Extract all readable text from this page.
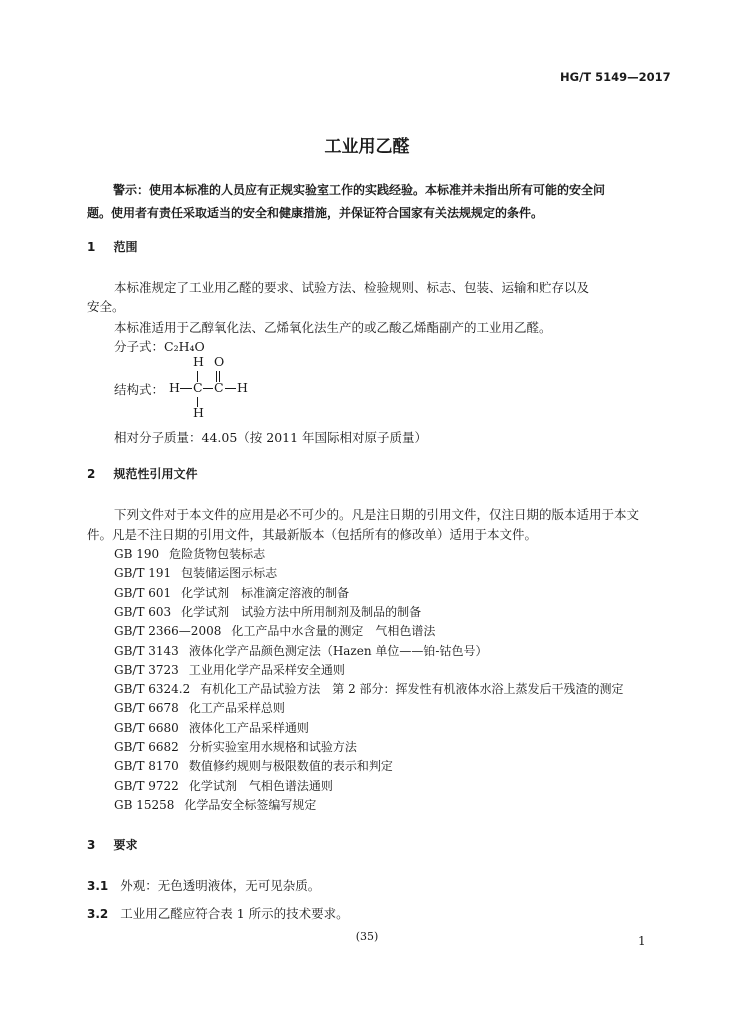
HG/T 5149—2017
工业用乙醛
警示：使用本标准的人员应有正规实验室工作的实践经验。本标准并未指出所有可能的安全问
题。使用者有责任采取适当的安全和健康措施，并保证符合国家有关法规规定的条件。
1 范围
本标准规定了工业用乙醛的要求、试验方法、检验规则、标志、包装、运输和贮存以及
安全。
本标准适用于乙醇氧化法、乙烯氧化法生产的或乙酸乙烯酯副产的工业用乙醛。
分子式：C₂H₄O
结构式：
H O
H C C H
H
相对分子质量：44.05（按 2011 年国际相对原子质量）
2 规范性引用文件
下列文件对于本文件的应用是必不可少的。凡是注日期的引用文件，仅注日期的版本适用于本文
件。凡是不注日期的引用文件，其最新版本（包括所有的修改单）适用于本文件。
GB 190 危险货物包装标志
GB/T 191 包装储运图示标志
GB/T 601 化学试剂　标准滴定溶液的制备
GB/T 603 化学试剂　试验方法中所用制剂及制品的制备
GB/T 2366—2008 化工产品中水含量的测定　气相色谱法
GB/T 3143 液体化学产品颜色测定法（Hazen 单位——铂-钴色号）
GB/T 3723 工业用化学产品采样安全通则
GB/T 6324.2 有机化工产品试验方法　第 2 部分：挥发性有机液体水浴上蒸发后干残渣的测定
GB/T 6678 化工产品采样总则
GB/T 6680 液体化工产品采样通则
GB/T 6682 分析实验室用水规格和试验方法
GB/T 8170 数值修约规则与极限数值的表示和判定
GB/T 9722 化学试剂　气相色谱法通则
GB 15258 化学品安全标签编写规定
3 要求
3.1 外观：无色透明液体，无可见杂质。
3.2 工业用乙醛应符合表 1 所示的技术要求。
(35)	1
